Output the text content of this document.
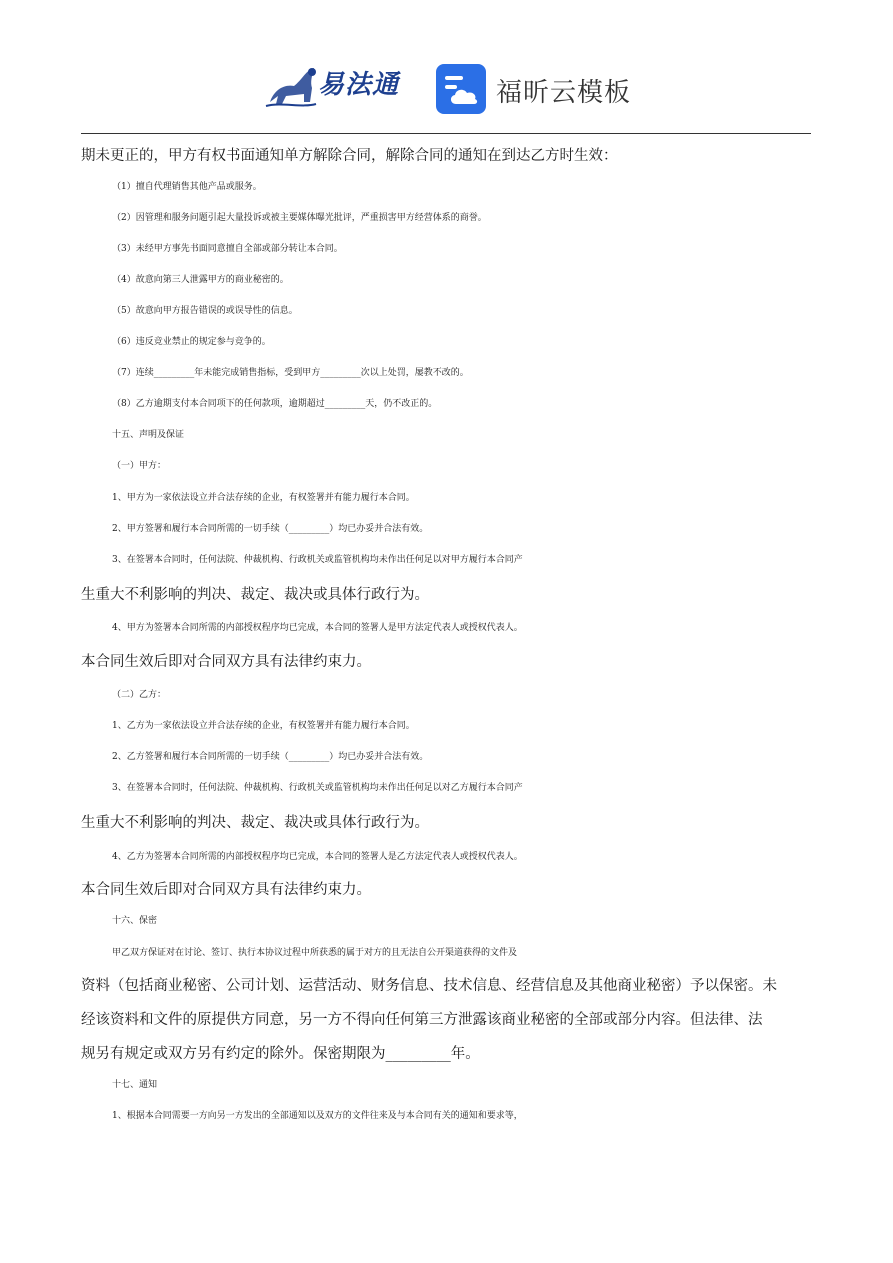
易法通	福昕云模板
期未更正的，甲方有权书面通知单方解除合同，解除合同的通知在到达乙方时生效：
（1）擅自代理销售其他产品或服务。
（2）因管理和服务问题引起大量投诉或被主要媒体曝光批评，严重损害甲方经营体系的商誉。
（3）未经甲方事先书面同意擅自全部或部分转让本合同。
（4）故意向第三人泄露甲方的商业秘密的。
（5）故意向甲方报告错误的或误导性的信息。
（6）违反竞业禁止的规定参与竞争的。
（7）连续_________年未能完成销售指标，受到甲方_________次以上处罚，屡教不改的。
（8）乙方逾期支付本合同项下的任何款项，逾期超过_________天，仍不改正的。
十五、声明及保证
（一）甲方：
1、甲方为一家依法设立并合法存续的企业，有权签署并有能力履行本合同。
2、甲方签署和履行本合同所需的一切手续（_________）均已办妥并合法有效。
3、在签署本合同时，任何法院、仲裁机构、行政机关或监管机构均未作出任何足以对甲方履行本合同产
生重大不利影响的判决、裁定、裁决或具体行政行为。
4、甲方为签署本合同所需的内部授权程序均已完成，本合同的签署人是甲方法定代表人或授权代表人。
本合同生效后即对合同双方具有法律约束力。
（二）乙方：
1、乙方为一家依法设立并合法存续的企业，有权签署并有能力履行本合同。
2、乙方签署和履行本合同所需的一切手续（_________）均已办妥并合法有效。
3、在签署本合同时，任何法院、仲裁机构、行政机关或监管机构均未作出任何足以对乙方履行本合同产
生重大不利影响的判决、裁定、裁决或具体行政行为。
4、乙方为签署本合同所需的内部授权程序均已完成，本合同的签署人是乙方法定代表人或授权代表人。
本合同生效后即对合同双方具有法律约束力。
十六、保密
甲乙双方保证对在讨论、签订、执行本协议过程中所获悉的属于对方的且无法自公开渠道获得的文件及
资料（包括商业秘密、公司计划、运营活动、财务信息、技术信息、经营信息及其他商业秘密）予以保密。未
经该资料和文件的原提供方同意，另一方不得向任何第三方泄露该商业秘密的全部或部分内容。但法律、法
规另有规定或双方另有约定的除外。保密期限为_________年。
十七、通知
1、根据本合同需要一方向另一方发出的全部通知以及双方的文件往来及与本合同有关的通知和要求等，
